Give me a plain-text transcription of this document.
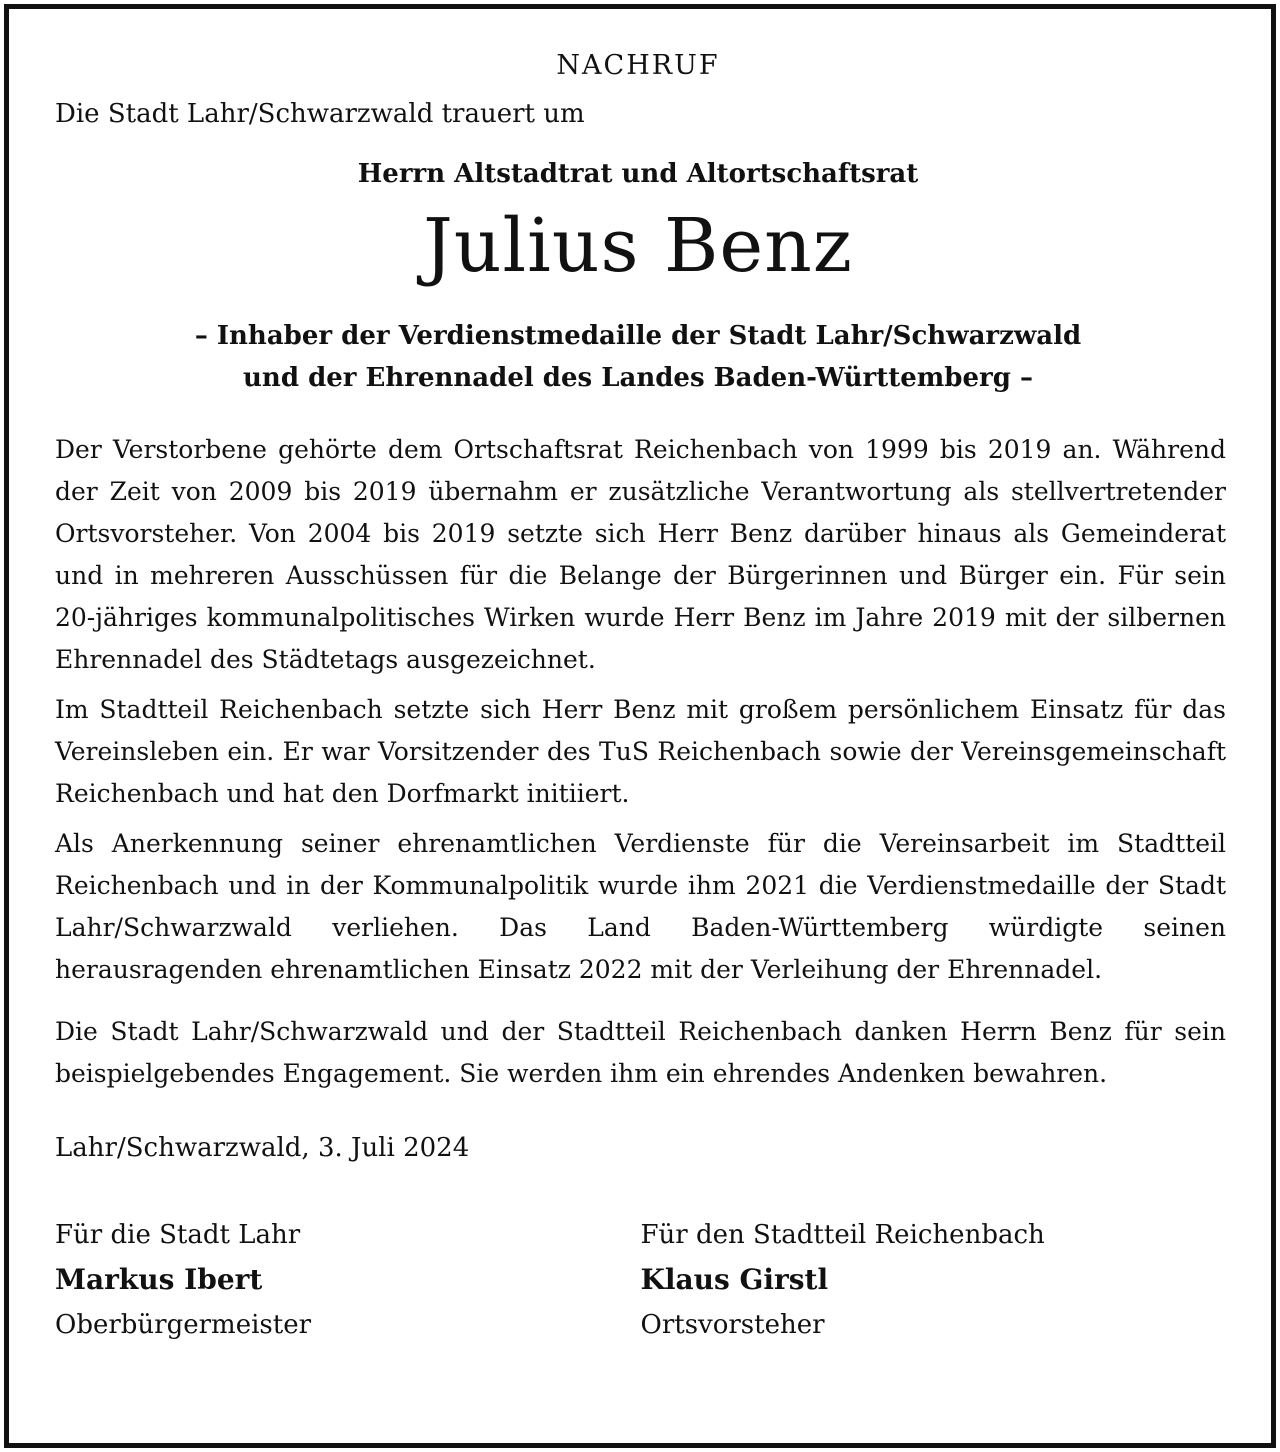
NACHRUF
Die Stadt Lahr/Schwarzwald trauert um
Herrn Altstadtrat und Altortschaftsrat
Julius Benz
– Inhaber der Verdienstmedaille der Stadt Lahr/Schwarzwald
und der Ehrennadel des Landes Baden-Württemberg –

Der Verstorbene gehörte dem Ortschaftsrat Reichenbach von 1999 bis 2019 an. Während der Zeit von 2009 bis 2019 übernahm er zusätzliche Verantwortung als stellvertretender Ortsvorsteher. Von 2004 bis 2019 setzte sich Herr Benz darüber hinaus als Gemeinderat und in mehreren Ausschüssen für die Belange der Bürgerinnen und Bürger ein. Für sein 20-jähriges kommunalpolitisches Wirken wurde Herr Benz im Jahre 2019 mit der silbernen Ehrennadel des Städtetags ausgezeichnet.

Im Stadtteil Reichenbach setzte sich Herr Benz mit großem persönlichem Einsatz für das Vereinsleben ein. Er war Vorsitzender des TuS Reichenbach sowie der Vereinsgemeinschaft Reichenbach und hat den Dorfmarkt initiiert.

Als Anerkennung seiner ehrenamtlichen Verdienste für die Vereinsarbeit im Stadtteil Reichenbach und in der Kommunalpolitik wurde ihm 2021 die Verdienstmedaille der Stadt Lahr/Schwarzwald verliehen. Das Land Baden-Württemberg würdigte seinen herausragenden ehrenamtlichen Einsatz 2022 mit der Verleihung der Ehrennadel.

Die Stadt Lahr/Schwarzwald und der Stadtteil Reichenbach danken Herrn Benz für sein beispielgebendes Engagement. Sie werden ihm ein ehrendes Andenken bewahren.

Lahr/Schwarzwald, 3. Juli 2024
Für die Stadt Lahr
Markus Ibert
Oberbürgermeister
Für den Stadtteil Reichenbach
Klaus Girstl
Ortsvorsteher
